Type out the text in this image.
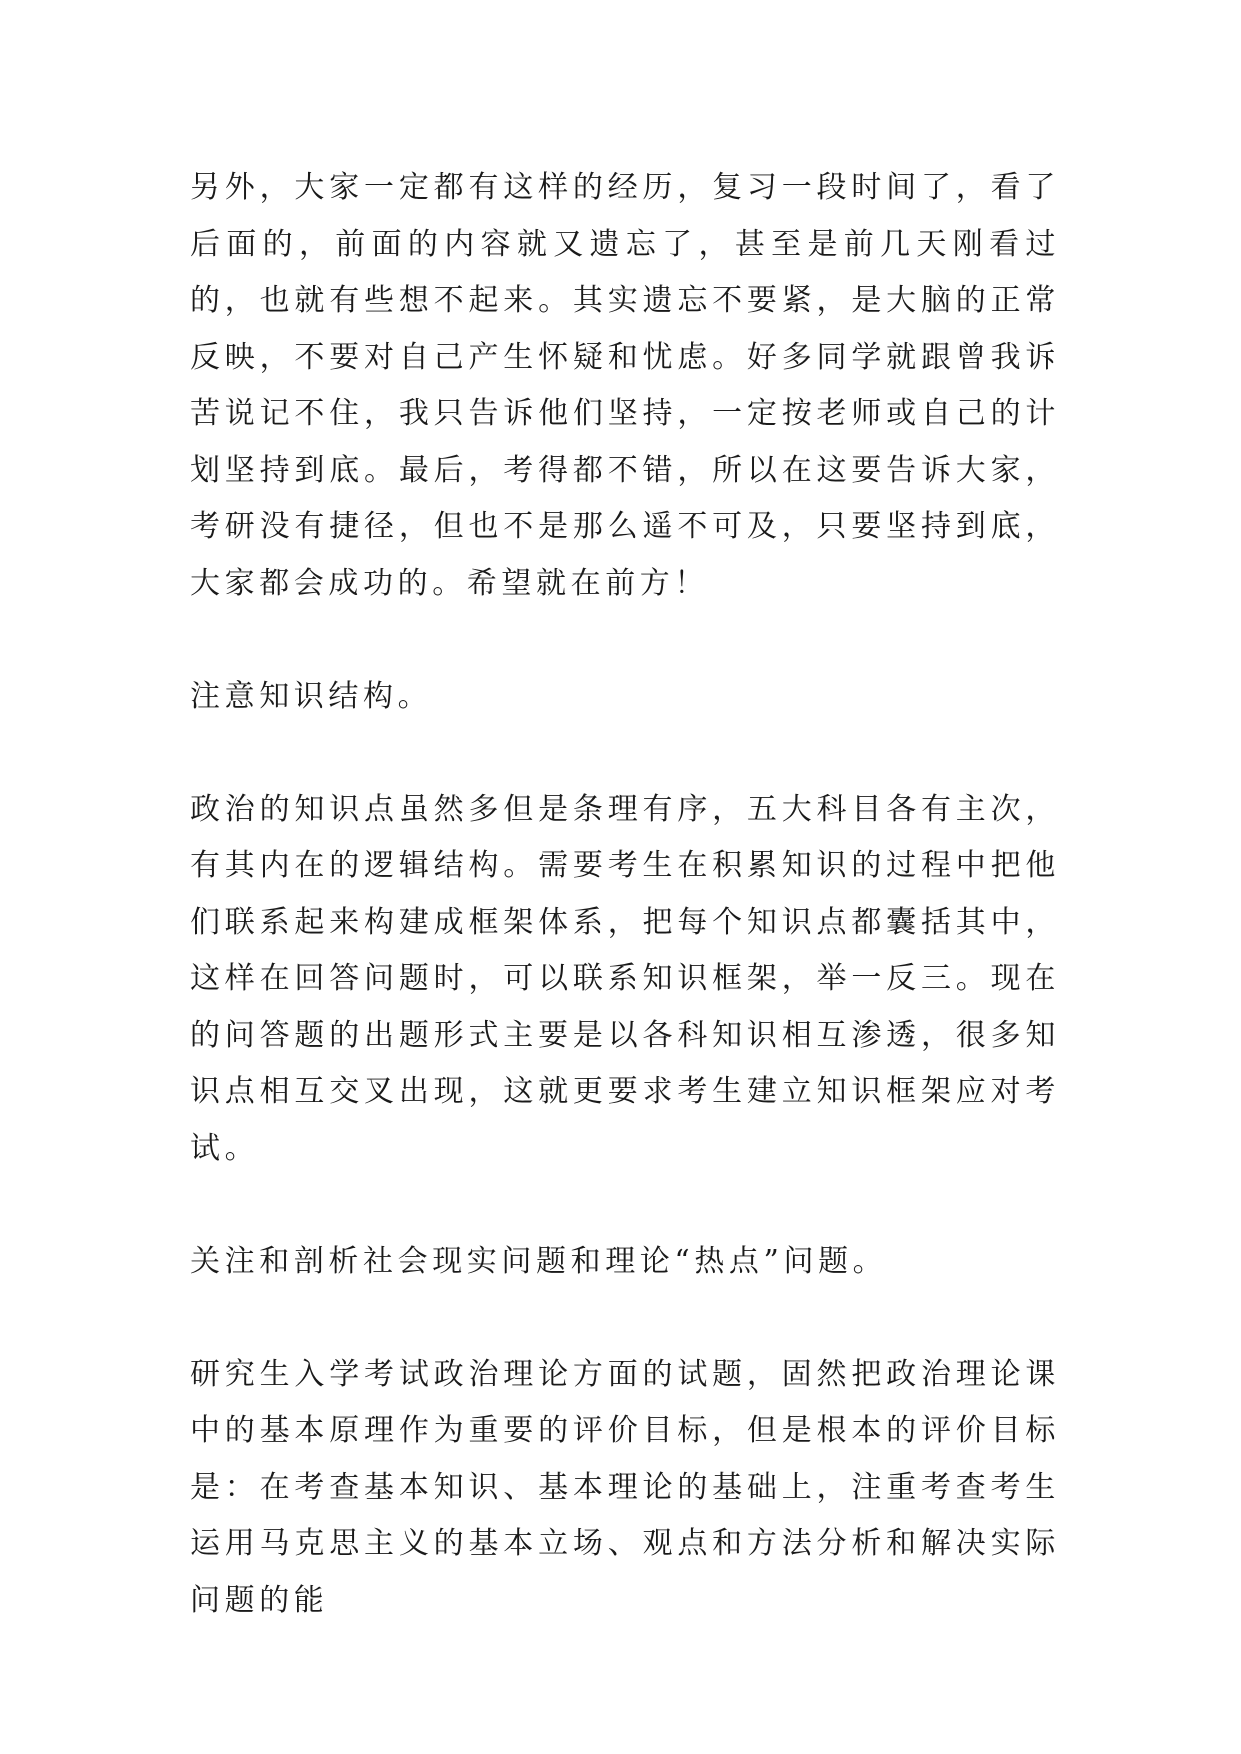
另外，大家一定都有这样的经历，复习一段时间了，看了后面的，前面的内容就又遗忘了，甚至是前几天刚看过的，也就有些想不起来。其实遗忘不要紧，是大脑的正常反映，不要对自己产生怀疑和忧虑。好多同学就跟曾我诉苦说记不住，我只告诉他们坚持，一定按老师或自己的计划坚持到底。最后，考得都不错，所以在这要告诉大家，考研没有捷径，但也不是那么遥不可及，只要坚持到底，大家都会成功的。希望就在前方！

注意知识结构。

政治的知识点虽然多但是条理有序，五大科目各有主次，有其内在的逻辑结构。需要考生在积累知识的过程中把他们联系起来构建成框架体系，把每个知识点都囊括其中，这样在回答问题时，可以联系知识框架，举一反三。现在的问答题的出题形式主要是以各科知识相互渗透，很多知识点相互交叉出现，这就更要求考生建立知识框架应对考试。

关注和剖析社会现实问题和理论“热点”问题。

研究生入学考试政治理论方面的试题，固然把政治理论课中的基本原理作为重要的评价目标，但是根本的评价目标是：在考查基本知识、基本理论的基础上，注重考查考生运用马克思主义的基本立场、观点和方法分析和解决实际问题的能
